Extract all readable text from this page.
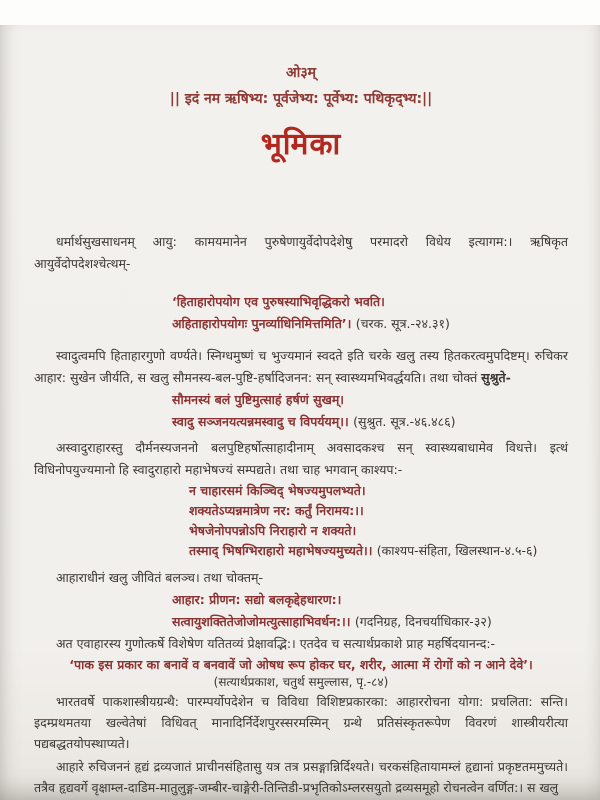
ओ३म्
|| इदं नम ऋषिभ्य: पूर्वजेभ्य: पूर्वेभ्य: पथिकृद्भ्य:||
भूमिका
धर्मार्थसुखसाधनम् आयु: कामयमानेन पुरुषेणायुर्वेदोपदेशेषु परमादरो विधेय इत्यागम:। ऋषिकृत आयुर्वेदोपदेशश्चेत्थम्-
‘हिताहारोपयोग एव पुरुषस्याभिवृद्धिकरो भवति।
अहिताहारोपयोगः पुनर्व्याधिनिमित्तमिति’। (चरक. सूत्र.-२४.३१)
स्वादुत्वमपि हिताहारगुणो वर्ण्यते। स्निग्धमुष्णं च भुज्यमानं स्वदते इति चरके खलु तस्य हितकरत्वमुपदिष्टम्। रुचिकर आहार: सुखेन जीर्यति, स खलु सौमनस्य-बल-पुष्टि-हर्षादिजनन: सन् स्वास्थ्यमभिवर्द्धयति। तथा चोक्तं सुश्रुते-
सौमनस्यं बलं पुष्टिमुत्साहं हर्षणं सुखम्।
स्वादु सञ्जनयत्यन्नमस्वादु च विपर्ययम्।। (सुश्रुत. सूत्र.-४६.४८६)
अस्वादुराहारस्तु दौर्मनस्यजननो बलपुष्टिहर्षोत्साहादीनाम् अवसादकश्च सन् स्वास्थ्यबाधामेव विधत्ते। इत्थं विधिनोपयुज्यमानो हि स्वादुराहारो महाभेषज्यं सम्पद्यते। तथा चाह भगवान् काश्यप:-
न चाहारसमं किञ्चिद् भेषज्यमुपलभ्यते।
शक्यतेऽप्यन्नमात्रेण नर: कर्तुं निरामय:।।
भेषजेनोपपन्नोऽपि निराहारो न शक्यते।
तस्माद् भिषग्भिराहारो महाभेषज्यमुच्यते।। (काश्यप-संहिता, खिलस्थान-४.५-६)
आहाराधीनं खलु जीवितं बलञ्च। तथा चोक्तम्-
आहार: प्रीणन: सद्यो बलकृद्देहधारण:।
सत्वायुशक्तितेजोजोमत्युत्साहाभिवर्धन:।। (गदनिग्रह, दिनचर्याधिकार-३२)
अत एवाहारस्य गुणोत्कर्षे विशेषेण यतितव्यं प्रेक्षावद्भि:। एतदेव च सत्यार्थप्रकाशे प्राह महर्षिदयानन्द:-
‘पाक इस प्रकार का बनावें व बनवावें जो ओषध रूप होकर घर, शरीर, आत्मा में रोगों को न आने देवे’।
(सत्यार्थप्रकाश, चतुर्थ समुल्लास, पृ.-८४)
भारतवर्षे पाकशास्त्रीयग्रन्थै: पारम्पर्योपदेशेन च विविधा विशिष्टप्रकारका: आहाररोचना योगा: प्रचलिता: सन्ति। इदम्प्रथमतया खल्वेतेषां विधिवत् मानादिर्निर्देशपुरस्सरमस्मिन् ग्रन्थे प्रतिसंस्कृतरूपेण विवरणं शास्त्रीयरीत्या पद्यबद्धतयोपस्थाप्यते।
आहारे रुचिजननं हृद्यं द्रव्यजातं प्राचीनसंहितासु यत्र तत्र प्रसङ्गान्निर्दिश्यते। चरकसंहितायामम्लं हृद्यानां प्रकृष्टतममुच्यते। तत्रैव हृद्यवर्गे वृक्षाम्ल-दाडिम-मातुलुङ्ग-जम्बीर-चाङ्गेरी-तिन्तिडी-प्रभृतिकोऽम्लरसयुतो द्रव्यसमूहो रोचनत्वेन वर्णित:। स खलु
